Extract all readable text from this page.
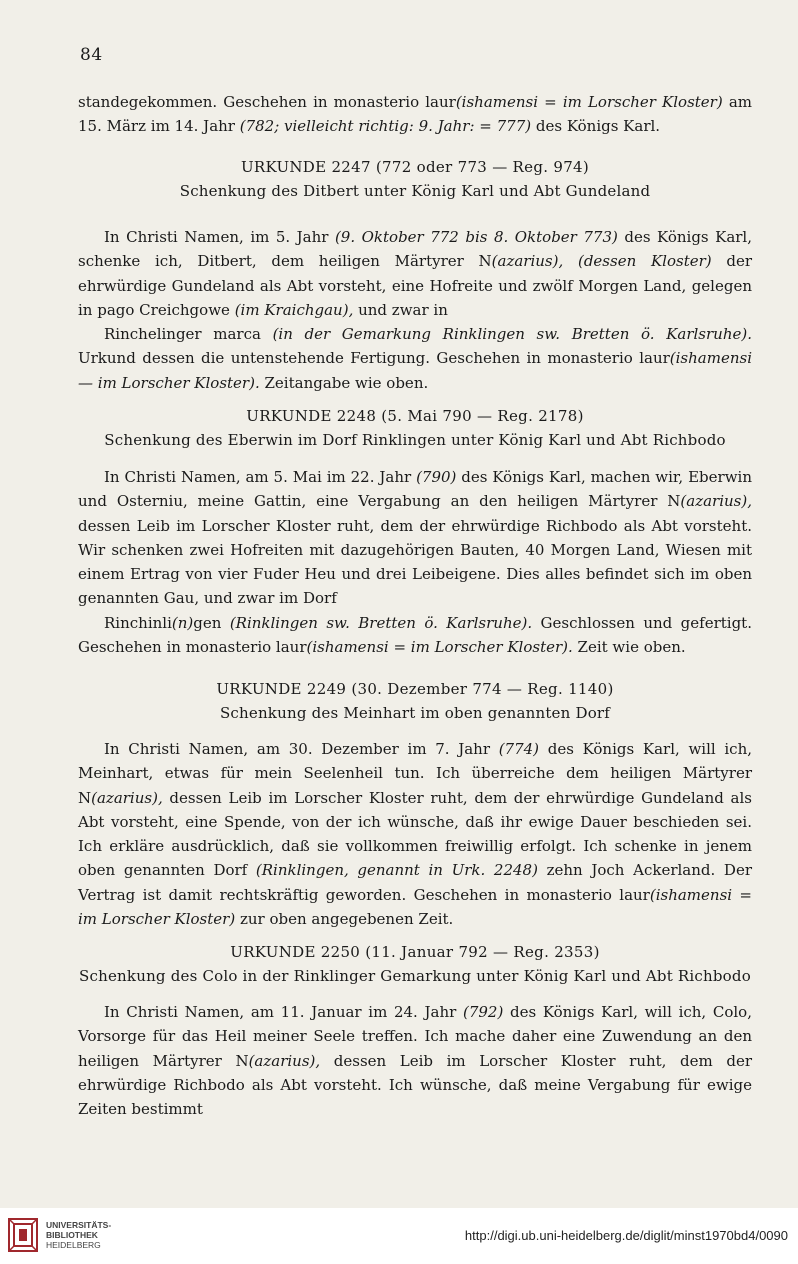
84

standegekommen. Geschehen in monasterio laur(ishamensi = im Lorscher Kloster) am 15. März im 14. Jahr (782; vielleicht richtig: 9. Jahr: = 777) des Königs Karl.

URKUNDE 2247 (772 oder 773 — Reg. 974)
Schenkung des Ditbert unter König Karl und Abt Gundeland

In Christi Namen, im 5. Jahr (9. Oktober 772 bis 8. Oktober 773) des Königs Karl, schenke ich, Ditbert, dem heiligen Märtyrer N(azarius), (dessen Kloster) der ehrwürdige Gundeland als Abt vorsteht, eine Hofreite und zwölf Morgen Land, gelegen in pago Creichgowe (im Kraichgau), und zwar in

Rinchelinger marca (in der Gemarkung Rinklingen sw. Bretten ö. Karlsruhe). Urkund dessen die untenstehende Fertigung. Geschehen in monasterio laur(ishamensi — im Lorscher Kloster). Zeitangabe wie oben.

URKUNDE 2248 (5. Mai 790 — Reg. 2178)
Schenkung des Eberwin im Dorf Rinklingen unter König Karl und Abt Richbodo

In Christi Namen, am 5. Mai im 22. Jahr (790) des Königs Karl, machen wir, Eberwin und Osterniu, meine Gattin, eine Vergabung an den heiligen Märtyrer N(azarius), dessen Leib im Lorscher Kloster ruht, dem der ehrwürdige Richbodo als Abt vorsteht. Wir schenken zwei Hofreiten mit dazugehörigen Bauten, 40 Morgen Land, Wiesen mit einem Ertrag von vier Fuder Heu und drei Leibeigene. Dies alles befindet sich im oben genannten Gau, und zwar im Dorf

Rinchinli(n)gen (Rinklingen sw. Bretten ö. Karlsruhe). Geschlossen und gefertigt. Geschehen in monasterio laur(ishamensi = im Lorscher Kloster). Zeit wie oben.

URKUNDE 2249 (30. Dezember 774 — Reg. 1140)
Schenkung des Meinhart im oben genannten Dorf

In Christi Namen, am 30. Dezember im 7. Jahr (774) des Königs Karl, will ich, Meinhart, etwas für mein Seelenheil tun. Ich überreiche dem heiligen Märtyrer N(azarius), dessen Leib im Lorscher Kloster ruht, dem der ehrwürdige Gundeland als Abt vorsteht, eine Spende, von der ich wünsche, daß ihr ewige Dauer beschieden sei. Ich erkläre ausdrücklich, daß sie vollkommen freiwillig erfolgt. Ich schenke in jenem oben genannten Dorf (Rinklingen, genannt in Urk. 2248) zehn Joch Ackerland. Der Vertrag ist damit rechtskräftig geworden. Geschehen in monasterio laur(ishamensi = im Lorscher Kloster) zur oben angegebenen Zeit.

URKUNDE 2250 (11. Januar 792 — Reg. 2353)
Schenkung des Colo in der Rinklinger Gemarkung unter König Karl und Abt Richbodo

In Christi Namen, am 11. Januar im 24. Jahr (792) des Königs Karl, will ich, Colo, Vorsorge für das Heil meiner Seele treffen. Ich mache daher eine Zuwendung an den heiligen Märtyrer N(azarius), dessen Leib im Lorscher Kloster ruht, dem der ehrwürdige Richbodo als Abt vorsteht. Ich wünsche, daß meine Vergabung für ewige Zeiten bestimmt

UNIVERSITÄTS-
BIBLIOTHEK
HEIDELBERG
http://digi.ub.uni-heidelberg.de/diglit/minst1970bd4/0090
